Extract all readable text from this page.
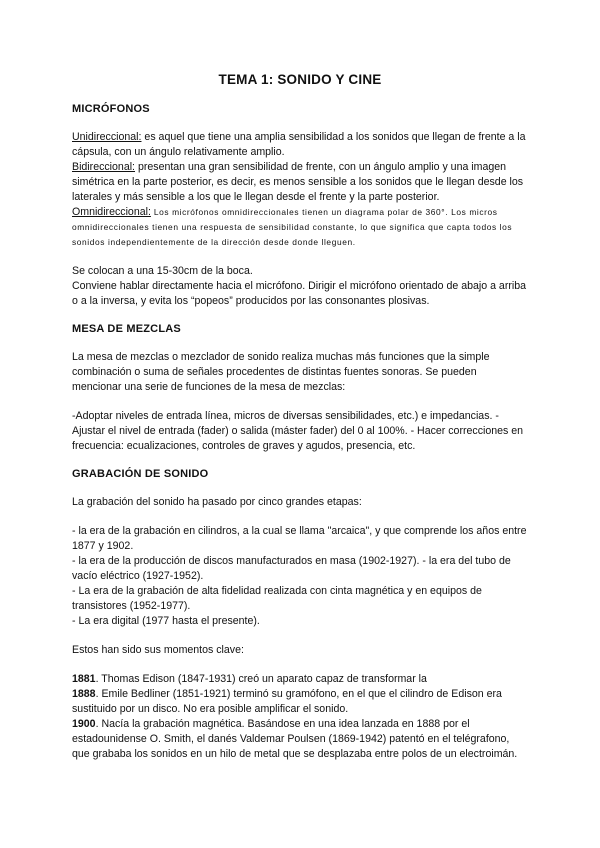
TEMA 1: SONIDO Y CINE
MICRÓFONOS

Unidireccional: es aquel que tiene una amplia sensibilidad a los sonidos que llegan de frente a la cápsula, con un ángulo relativamente amplio.

Bidireccional: presentan una gran sensibilidad de frente, con un ángulo amplio y una imagen simétrica en la parte posterior, es decir, es menos sensible a los sonidos que le llegan desde los laterales y más sensible a los que le llegan desde el frente y la parte posterior.

Omnidireccional: Los micrófonos omnidireccionales tienen un diagrama polar de 360°. Los micros omnidireccionales tienen una respuesta de sensibilidad constante, lo que significa que capta todos los sonidos independientemente de la dirección desde donde lleguen.

Se colocan a una 15-30cm de la boca.

Conviene hablar directamente hacia el micrófono. Dirigir el micrófono orientado de abajo a arriba o a la inversa, y evita los “popeos” producidos por las consonantes plosivas.

MESA DE MEZCLAS

La mesa de mezclas o mezclador de sonido realiza muchas más funciones que la simple combinación o suma de señales procedentes de distintas fuentes sonoras. Se pueden mencionar una serie de funciones de la mesa de mezclas:

-Adoptar niveles de entrada línea, micros de diversas sensibilidades, etc.) e impedancias. - Ajustar el nivel de entrada (fader) o salida (máster fader) del 0 al 100%. - Hacer correcciones en frecuencia: ecualizaciones, controles de graves y agudos, presencia, etc.

GRABACIÓN DE SONIDO

La grabación del sonido ha pasado por cinco grandes etapas:

- la era de la grabación en cilindros, a la cual se llama "arcaica", y que comprende los años entre 1877 y 1902.

- la era de la producción de discos manufacturados en masa (1902-1927). - la era del tubo de vacío eléctrico (1927-1952).

- La era de la grabación de alta fidelidad realizada con cinta magnética y en equipos de transistores (1952-1977).

- La era digital (1977 hasta el presente).

Estos han sido sus momentos clave:

1881. Thomas Edison (1847-1931) creó un aparato capaz de transformar la

1888. Emile Bedliner (1851-1921) terminó su gramófono, en el que el cilindro de Edison era sustituido por un disco. No era posible amplificar el sonido.

1900. Nacía la grabación magnética. Basándose en una idea lanzada en 1888 por el estadounidense O. Smith, el danés Valdemar Poulsen (1869-1942) patentó en el telégrafono, que grababa los sonidos en un hilo de metal que se desplazaba entre polos de un electroimán.
